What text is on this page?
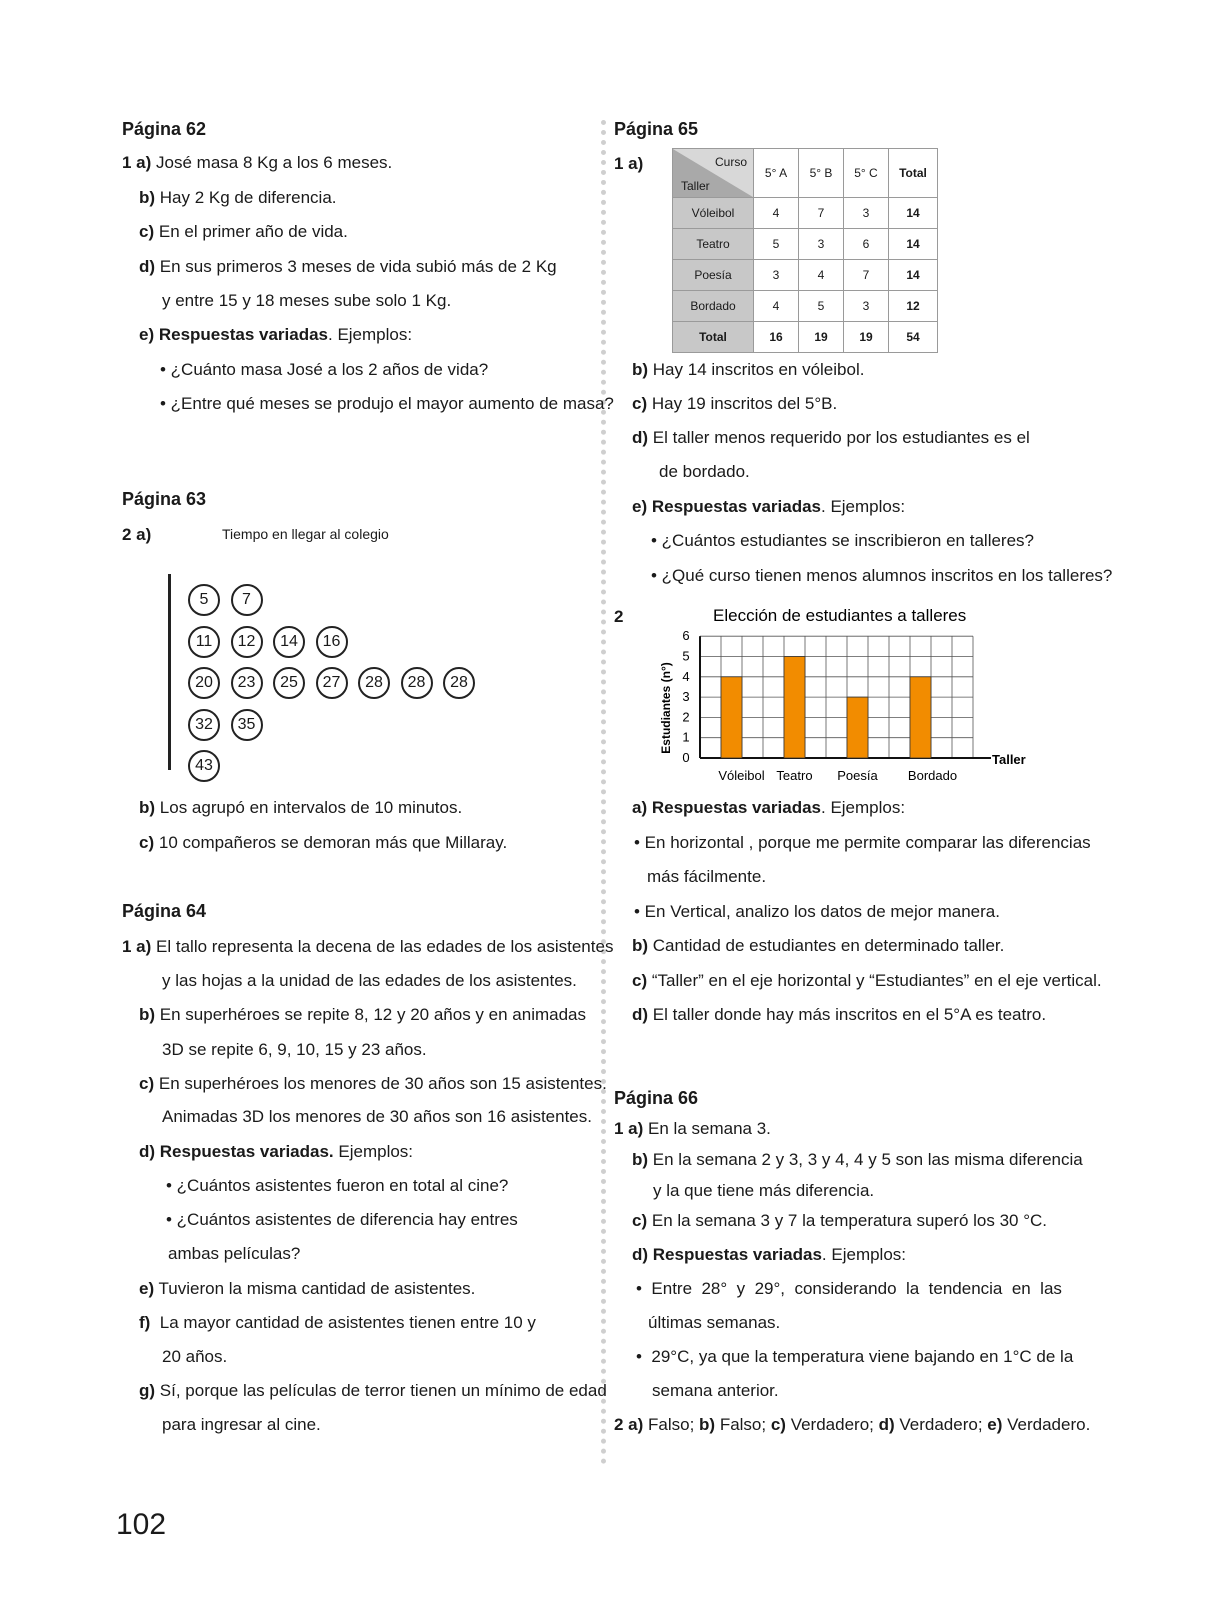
Página 62
1 a) José masa 8 Kg a los 6 meses.
b) Hay 2 Kg de diferencia.
c) En el primer año de vida.
d) En sus primeros 3 meses de vida subió más de 2 Kg
y entre 15 y 18 meses sube solo 1 Kg.
e) Respuestas variadas. Ejemplos:
• ¿Cuánto masa José a los 2 años de vida?
• ¿Entre qué meses se produjo el mayor aumento de masa?
Página 63
2 a)	Tiempo en llegar al colegio
5	7
11	12	14	16
20	23	25	27	28	28	28
32	35
43
b) Los agrupó en intervalos de 10 minutos.
c) 10 compañeros se demoran más que Millaray.
Página 64
1 a) El tallo representa la decena de las edades de los asistentes
y las hojas a la unidad de las edades de los asistentes.
b) En superhéroes se repite 8, 12 y 20 años y en animadas
3D se repite 6, 9, 10, 15 y 23 años.
c) En superhéroes los menores de 30 años son 15 asistentes.
Animadas 3D los menores de 30 años son 16 asistentes.
d) Respuestas variadas. Ejemplos:
• ¿Cuántos asistentes fueron en total al cine?
• ¿Cuántos asistentes de diferencia hay entres
ambas películas?
e) Tuvieron la misma cantidad de asistentes.
f) La mayor cantidad de asistentes tienen entre 10 y
20 años.
g) Sí, porque las películas de terror tienen un mínimo de edad
para ingresar al cine.
102
Página 65
1 a)	Curso
Taller	5° A	5° B	5° C	Total
Vóleibol	4	7	3	14
Teatro	5	3	6	14
Poesía	3	4	7	14
Bordado	4	5	3	12
Total	16	19	19	54
b) Hay 14 inscritos en vóleibol.
c) Hay 19 inscritos del 5°B.
d) El taller menos requerido por los estudiantes es el
de bordado.
e) Respuestas variadas. Ejemplos:
• ¿Cuántos estudiantes se inscribieron en talleres?
• ¿Qué curso tienen menos alumnos inscritos en los talleres?
2	Elección de estudiantes a talleres
0
1
2
3
4
5
6
Vóleibol Teatro Poesía Bordado
Estudiantes (n°)
Taller
a) Respuestas variadas. Ejemplos:
• En horizontal , porque me permite comparar las diferencias
más fácilmente.
• En Vertical, analizo los datos de mejor manera.
b) Cantidad de estudiantes en determinado taller.
c) “Taller” en el eje horizontal y “Estudiantes” en el eje vertical.
d) El taller donde hay más inscritos en el 5°A es teatro.
Página 66
1 a) En la semana 3.
b) En la semana 2 y 3, 3 y 4, 4 y 5 son las misma diferencia
y la que tiene más diferencia.
c) En la semana 3 y 7 la temperatura superó los 30 °C.
d) Respuestas variadas. Ejemplos:
•  Entre  28°  y  29°,  considerando  la  tendencia  en  las
últimas semanas.
•  29°C, ya que la temperatura viene bajando en 1°C de la
semana anterior.
2 a) Falso; b) Falso; c) Verdadero; d) Verdadero; e) Verdadero.
